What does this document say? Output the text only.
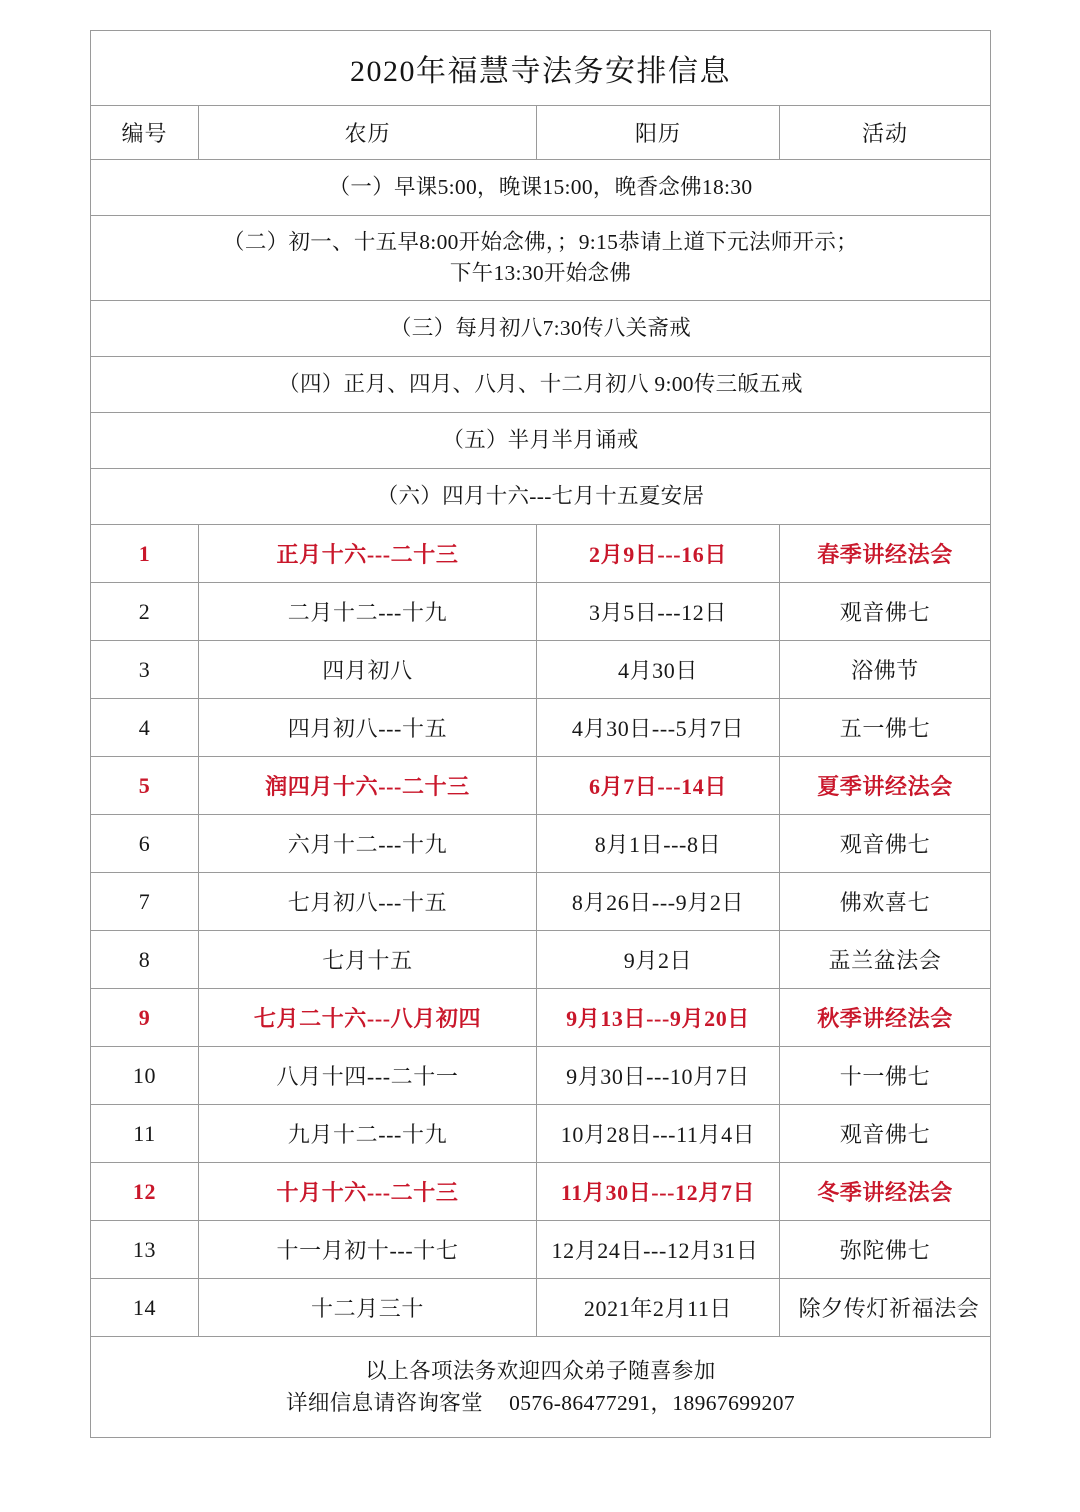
2020年福慧寺法务安排信息			
编号	农历	阳历	活动

（一）早课5:00，晚课15:00，晚香念佛18:30			

（二）初一、十五早8:00开始念佛，；9:15恭请上道下元法师开示；
下午13:30开始念佛			

（三）每月初八7:30传八关斋戒			

（四）正月、四月、八月、十二月初八 9:00传三皈五戒			

（五）半月半月诵戒			

（六）四月十六---七月十五夏安居			

1	正月十六---二十三	2月9日---16日	春季讲经法会
2	二月十二---十九	3月5日---12日	观音佛七
3	四月初八	4月30日	浴佛节
4	四月初八---十五	4月30日---5月7日	五一佛七
5	润四月十六---二十三	6月7日---14日	夏季讲经法会
6	六月十二---十九	8月1日---8日	观音佛七
7	七月初八---十五	8月26日---9月2日	佛欢喜七
8	七月十五	9月2日	盂兰盆法会
9	七月二十六---八月初四	9月13日---9月20日	秋季讲经法会
10	八月十四---二十一	9月30日---10月7日	十一佛七
11	九月十二---十九	10月28日---11月4日	观音佛七
12	十月十六---二十三	11月30日---12月7日	冬季讲经法会
13	十一月初十---十七	12月24日---12月31日	弥陀佛七
14	十二月三十	2021年2月11日	除夕传灯祈福法会

以上各项法务欢迎四众弟子随喜参加
详细信息请咨询客堂 0576-86477291，18967699207			
